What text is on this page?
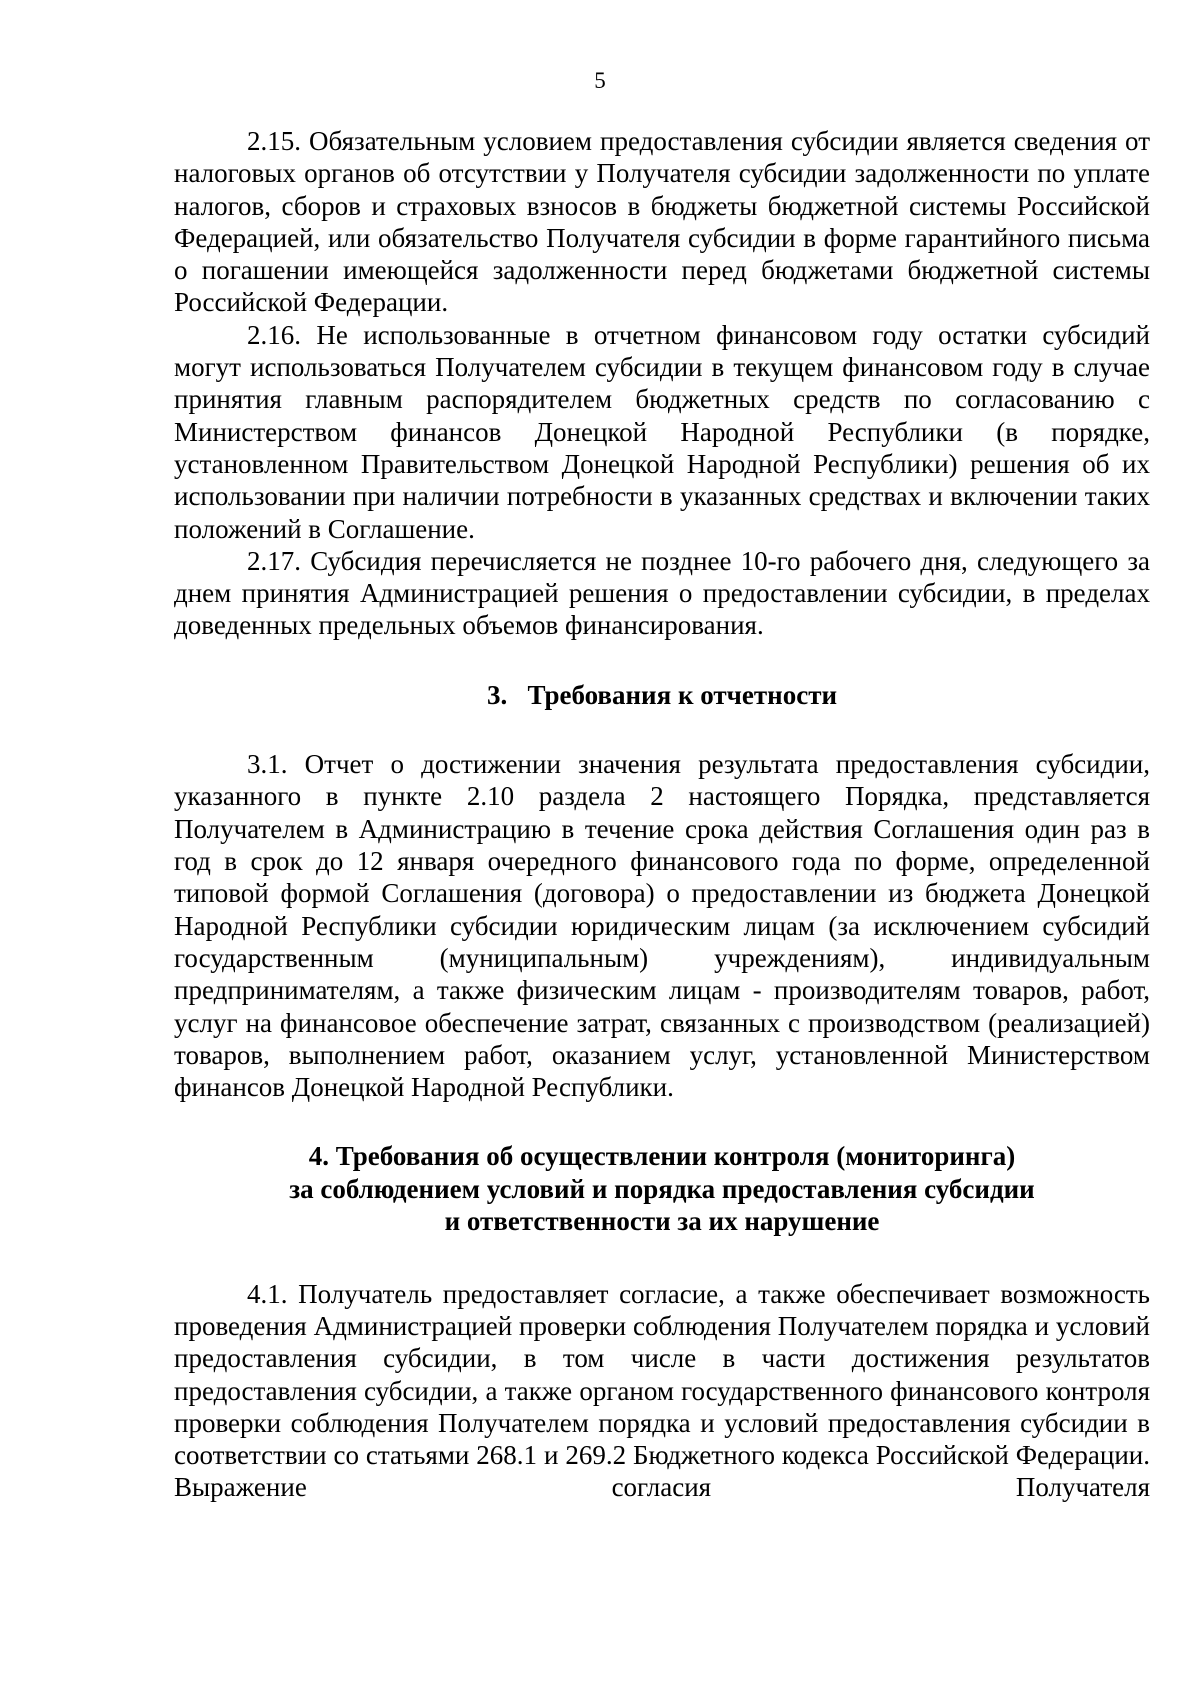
5

2.15. Обязательным условием предоставления субсидии является сведения от налоговых органов об отсутствии у Получателя субсидии задолженности по уплате налогов, сборов и страховых взносов в бюджеты бюджетной системы Российской Федерацией, или обязательство Получателя субсидии в форме гарантийного письма о погашении имеющейся задолженности перед бюджетами бюджетной системы Российской Федерации.

2.16. Не использованные в отчетном финансовом году остатки субсидий могут использоваться Получателем субсидии в текущем финансовом году в случае принятия главным распорядителем бюджетных средств по согласованию с Министерством финансов Донецкой Народной Республики (в порядке, установленном Правительством Донецкой Народной Республики) решения об их использовании при наличии потребности в указанных средствах и включении таких положений в Соглашение.

2.17. Субсидия перечисляется не позднее 10-го рабочего дня, следующего за днем принятия Администрацией решения о предоставлении субсидии, в пределах доведенных предельных объемов финансирования.

3.   Требования к отчетности

3.1. Отчет о достижении значения результата предоставления субсидии, указанного в пункте 2.10 раздела 2 настоящего Порядка, представляется Получателем в Администрацию в течение срока действия Соглашения один раз в год в срок до 12 января очередного финансового года по форме, определенной типовой формой Соглашения (договора) о предоставлении из бюджета Донецкой Народной Республики субсидии юридическим лицам (за исключением субсидий государственным (муниципальным) учреждениям), индивидуальным предпринимателям, а также физическим лицам - производителям товаров, работ, услуг на финансовое обеспечение затрат, связанных с производством (реализацией) товаров, выполнением работ, оказанием услуг, установленной Министерством финансов Донецкой Народной Республики.

4. Требования об осуществлении контроля (мониторинга)
за соблюдением условий и порядка предоставления субсидии
и ответственности за их нарушение

4.1. Получатель предоставляет согласие, а также обеспечивает возможность проведения Администрацией проверки соблюдения Получателем порядка и условий предоставления субсидии, в том числе в части достижения результатов предоставления субсидии, а также органом государственного финансового контроля проверки соблюдения Получателем порядка и условий предоставления субсидии в соответствии со статьями 268.1 и 269.2 Бюджетного кодекса Российской Федерации. Выражение согласия Получателя
